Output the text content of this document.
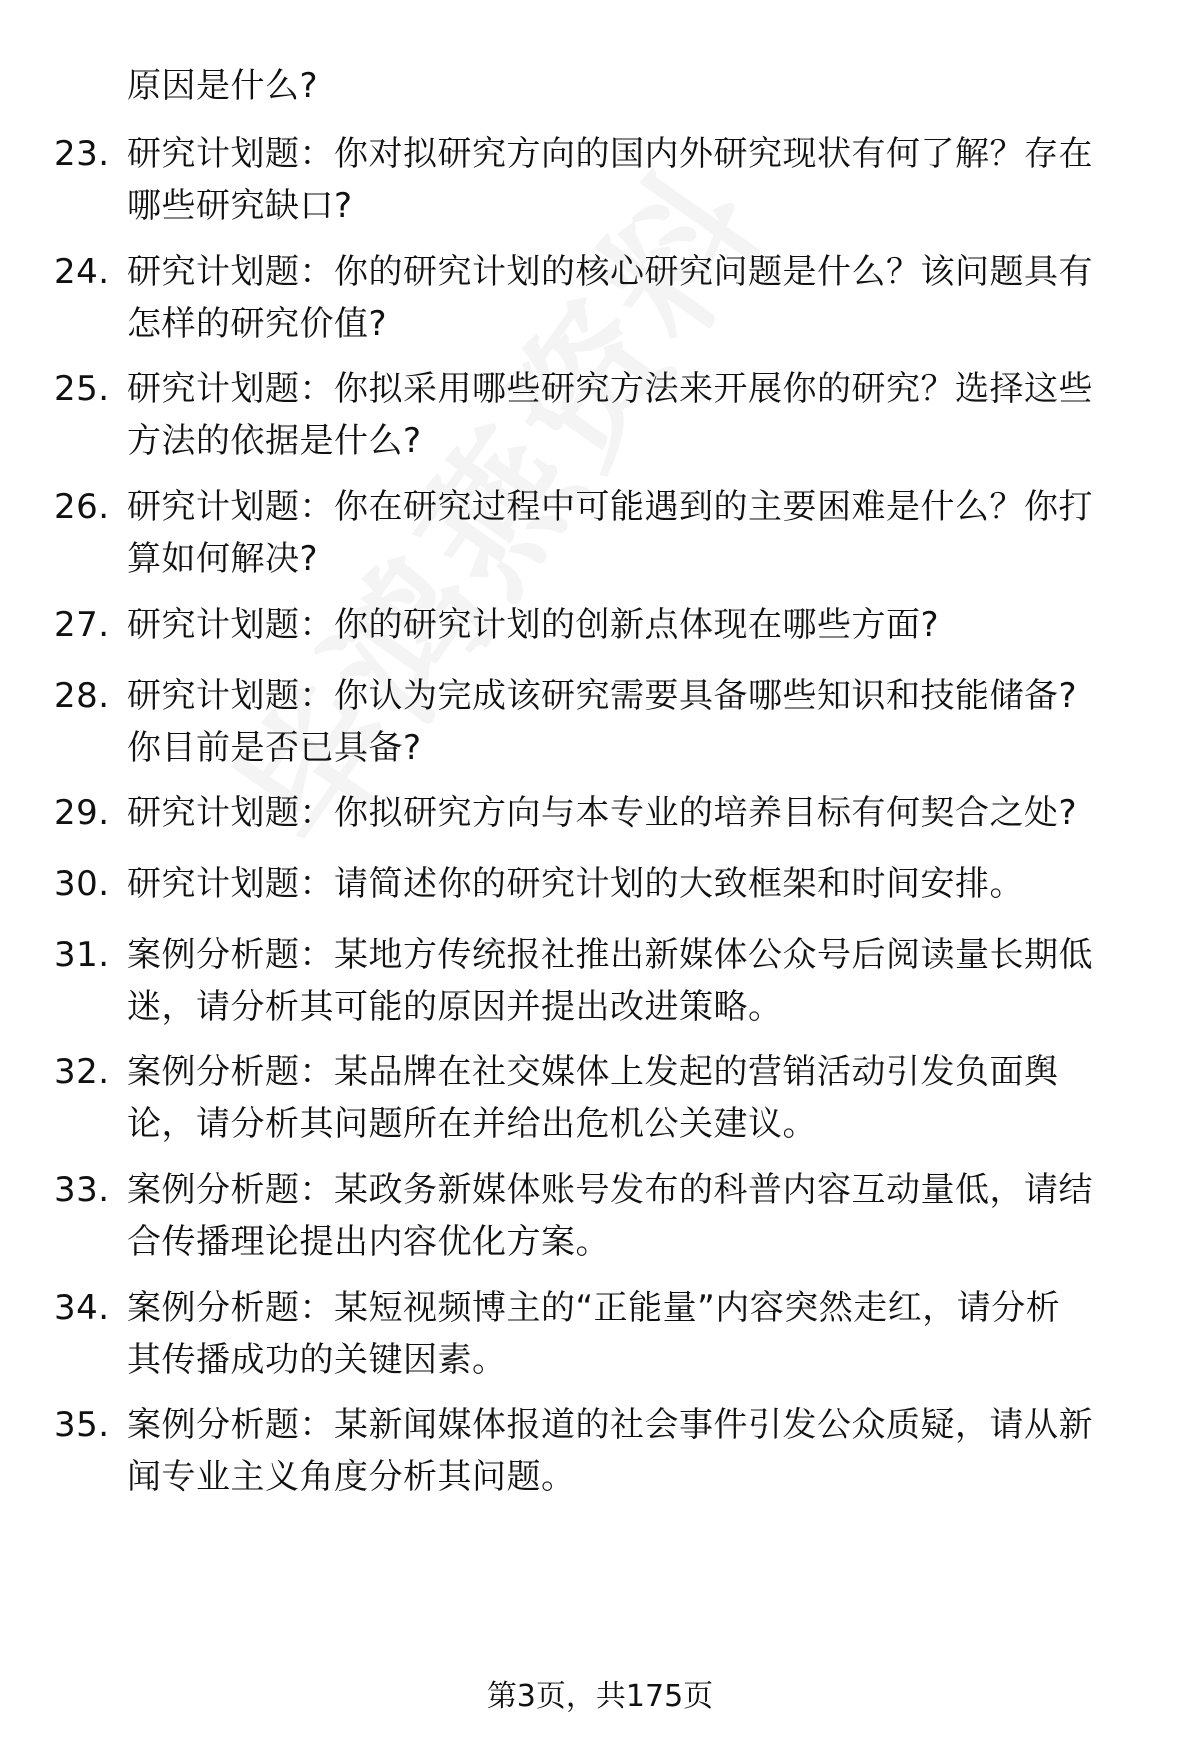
原因是什么?
23. 研究计划题：你对拟研究方向的国内外研究现状有何了解？存在
哪些研究缺口?
24. 研究计划题：你的研究计划的核心研究问题是什么？该问题具有
怎样的研究价值?
25. 研究计划题：你拟采用哪些研究方法来开展你的研究？选择这些
方法的依据是什么?
26. 研究计划题：你在研究过程中可能遇到的主要困难是什么？你打
算如何解决?
27. 研究计划题：你的研究计划的创新点体现在哪些方面?
28. 研究计划题：你认为完成该研究需要具备哪些知识和技能储备?
你目前是否已具备?
29. 研究计划题：你拟研究方向与本专业的培养目标有何契合之处?
30. 研究计划题：请简述你的研究计划的大致框架和时间安排。
31. 案例分析题：某地方传统报社推出新媒体公众号后阅读量长期低
迷，请分析其可能的原因并提出改进策略。
32. 案例分析题：某品牌在社交媒体上发起的营销活动引发负面舆
论，请分析其问题所在并给出危机公关建议。
33. 案例分析题：某政务新媒体账号发布的科普内容互动量低，请结
合传播理论提出内容优化方案。
34. 案例分析题：某短视频博主的“正能量”内容突然走红，请分析
其传播成功的关键因素。
35. 案例分析题：某新闻媒体报道的社会事件引发公众质疑，请从新
闻专业主义角度分析其问题。
第3页，共175页
